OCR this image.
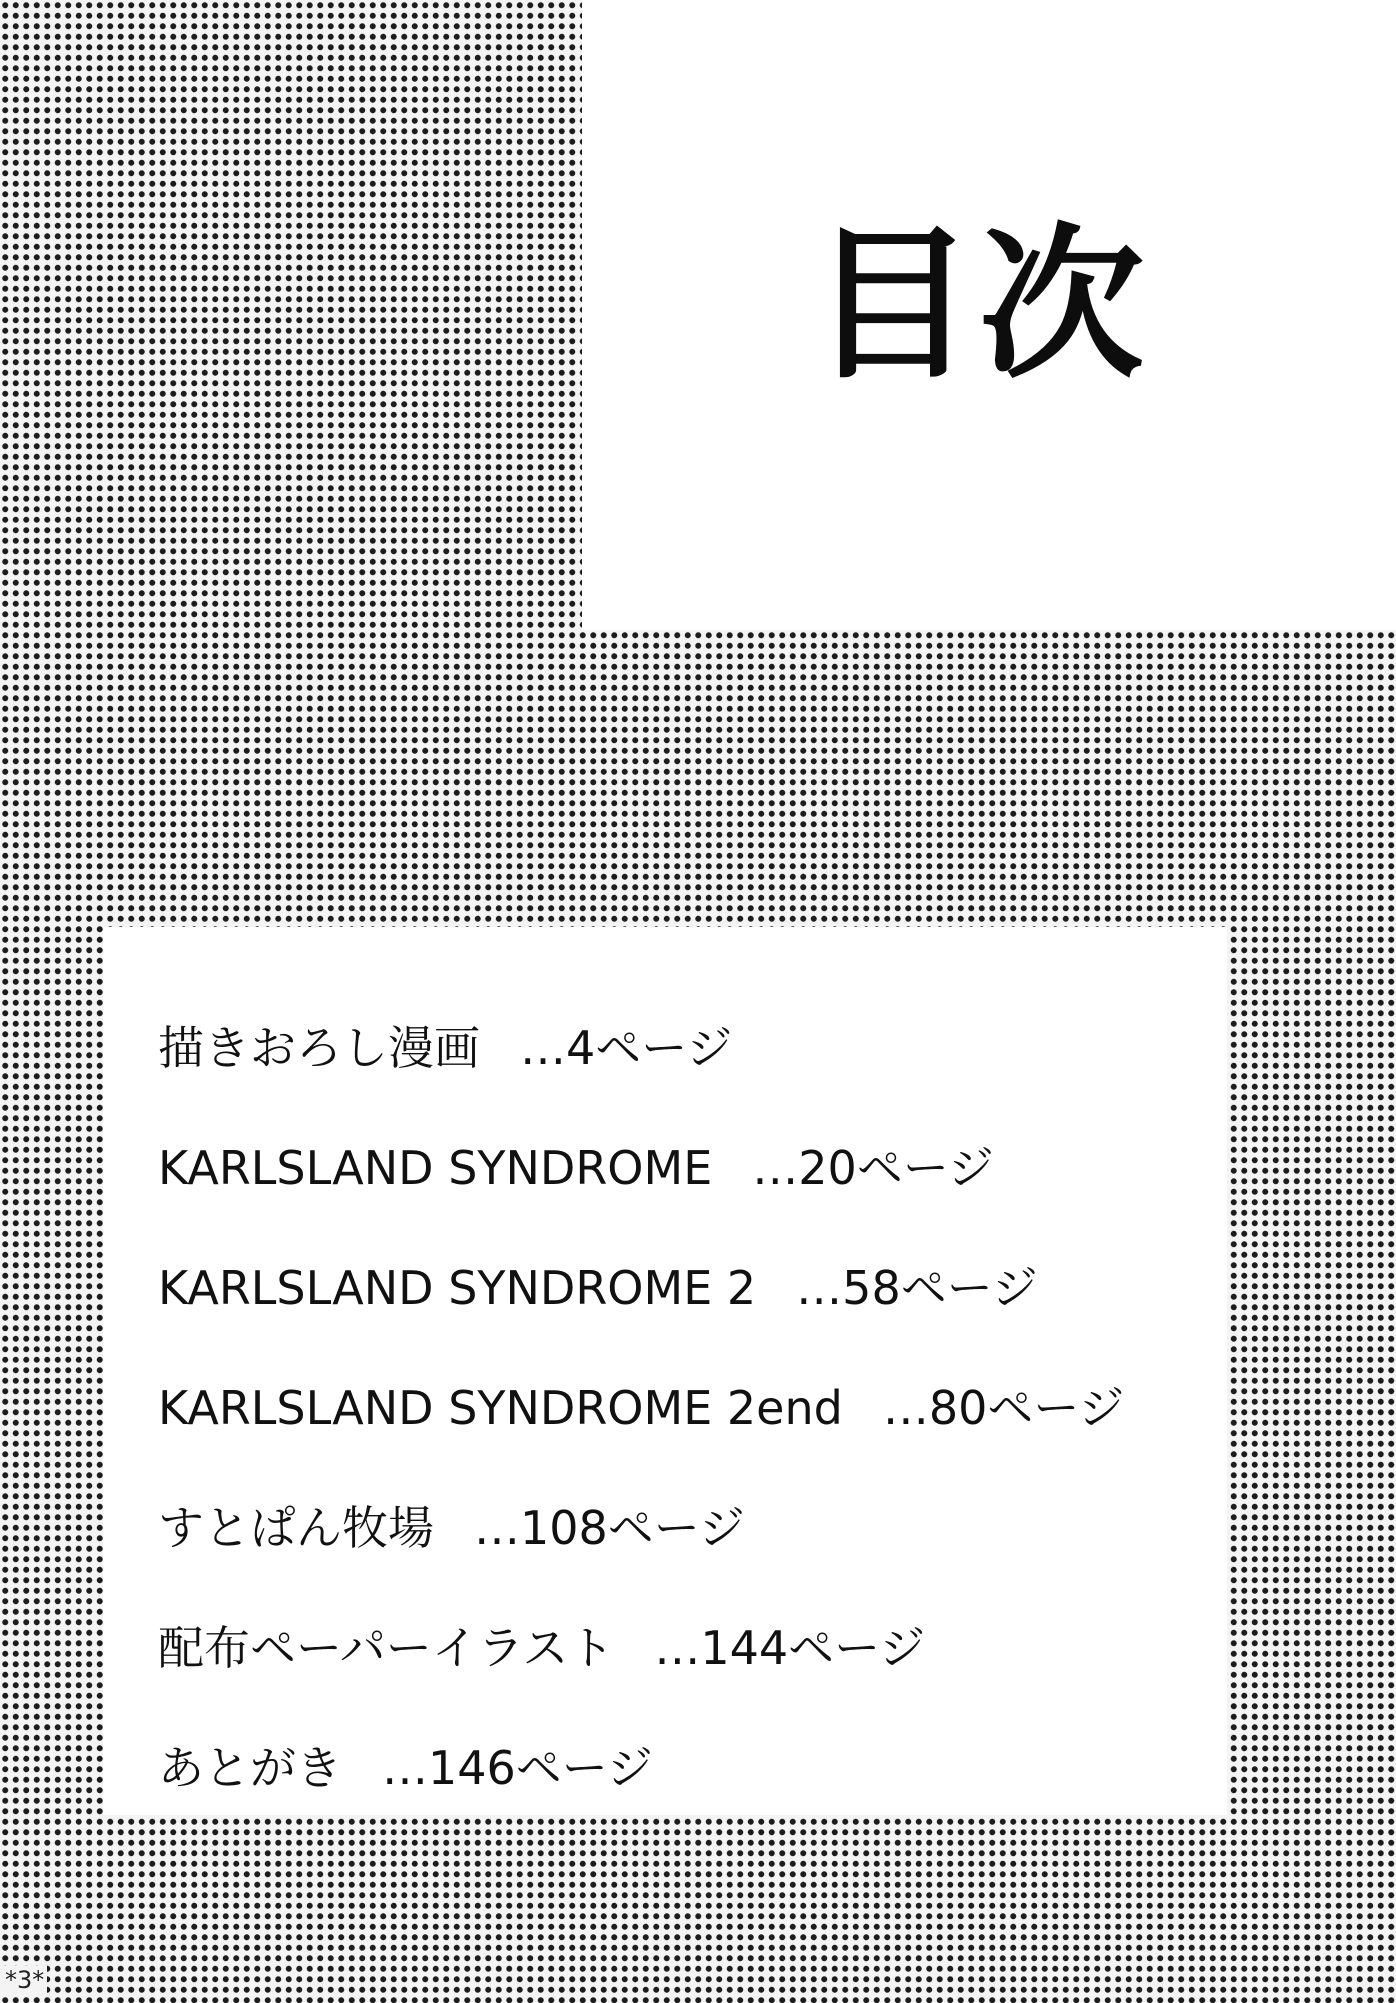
目次
描きおろし漫画 …4ページ
KARLSLAND SYNDROME …20ページ
KARLSLAND SYNDROME 2 …58ページ
KARLSLAND SYNDROME 2end …80ページ
すとぱん牧場 …108ページ
配布ペーパーイラスト …144ページ
あとがき …146ページ
*3*
